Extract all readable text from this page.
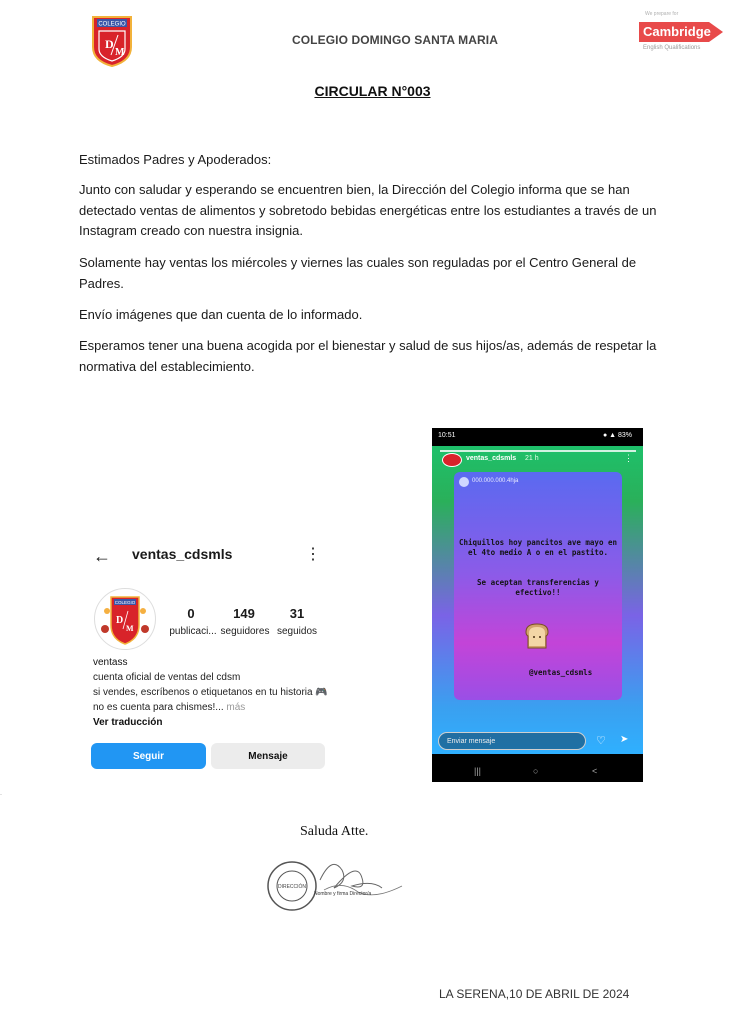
COLEGIO
D
M
COLEGIO DOMINGO SANTA MARIA
We prepare for
Cambridge
English Qualifications
CIRCULAR N°003
Estimados Padres y Apoderados:
Junto con saludar y esperando se encuentren bien, la Dirección del Colegio informa que se han detectado ventas de alimentos y sobretodo bebidas energéticas entre los estudiantes a través de un Instagram creado con nuestra insignia.
Solamente hay ventas los miércoles y viernes las cuales son reguladas por el Centro General de Padres.
Envío imágenes que dan cuenta de lo informado.
Esperamos tener una buena acogida por el bienestar y salud de sus hijos/as, además de respetar la normativa del establecimiento.
← ventas_cdsmls	⋮
COLEGIO
D
M
0
publicaci...
149
seguidores
31
seguidos
ventass
cuenta oficial de ventas del cdsm
si vendes, escríbenos o etiquetanos en tu historia 🎮
no es cuenta para chismes!... más
Ver traducción
Seguir	Mensaje
10:51	● ▲ 83%
ventas_cdsmls 21 h	⋮
000.000.000.4hja
Chiquillos hoy pancitos ave mayo en el 4to medio A o en el pastito.
Se aceptan transferencias y efectivo!!
@ventas_cdsmls
Enviar mensaje	♡ ➤
|||	○	<
·
Saluda Atte.
DIRECCIÓN
Nombre y firma Director/a
LA SERENA,10 DE ABRIL DE 2024
